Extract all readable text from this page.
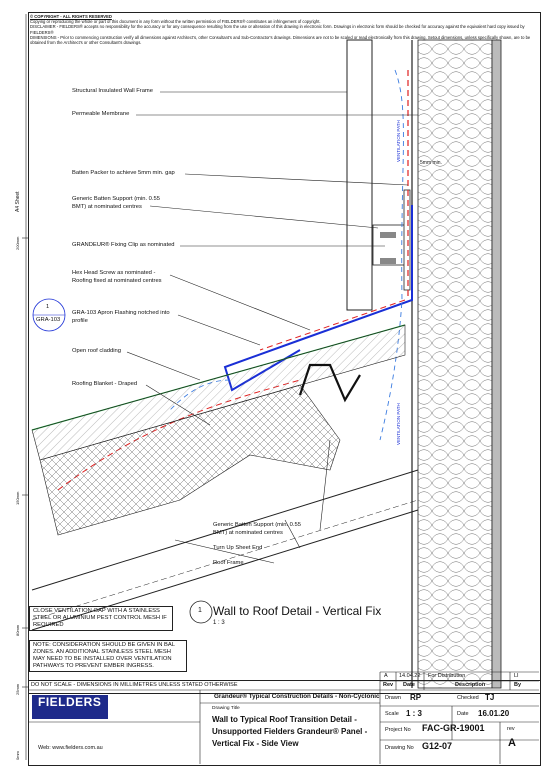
© COPYRIGHT - ALL RIGHTS RESERVED
Copying or reproducing the whole or part of this document in any form without the written permission of FIELDERS® constitutes an infringement of copyright.
DISCLAIMER - FIELDERS® accepts no responsibility for the accuracy or for any consequence resulting from the use or alteration of this drawing in electronic form. Drawings in electronic form should be checked for accuracy against the equivalent hard copy issued by FIELDERS®
DIMENSIONS - Prior to commencing construction verify all dimensions against Architect's, other Consultant's and Sub-Contractor's drawings. Dimensions are not to be scaled or read electronically from this drawing. Setout dimensions, unless specifically shown, are to be obtained from the Architect's or other Consultant's drawings.
A4 Sheet
200mm
150mm
80mm
25mm
0mm
Structural Insulated Wall Frame
Permeable Membrane
Batten Packer to achieve 5mm min. gap
Generic Batten Support (min. 0.55
BMT) at nominated centres
GRANDEUR® Fixing Clip as nominated
Hex Head Screw as nominated -
Roofing fixed at nominated centres
GRA-103 Apron Flashing notched into
profile
Open roof cladding
Roofing Blanket - Draped
Generic Batten Support (min. 0.55
BMT) at nominated centres
Turn Up Sheet End
Roof Frame
5mm min.
VENTILATION PATH
VENTILATION PATH
1
GRA-103
CLOSE VENTILATION GAP WITH A STAINLESS STEEL OR ALUMINIUM PEST CONTROL MESH IF REQUIRED
NOTE: CONSIDERATION SHOULD BE GIVEN IN BAL ZONES. AN ADDITIONAL STAINLESS STEEL MESH MAY NEED TO BE INSTALLED OVER VENTILATION PATHWAYS TO PREVENT EMBER INGRESS.
1 Wall to Roof Detail - Vertical Fix
1 : 3
DO NOT SCALE - DIMENSIONS IN MILLIMETRES UNLESS STATED OTHERWISE
A 14.04.22 For Distribution	LI
Rev Date	Description	By
Grandeur® Typical Construction Details - Non-Cyclonic
FIELDERS	Drawing Title
Wall to Typical Roof Transition Detail -
Unsupported Fielders Grandeur® Panel -
Vertical Fix - Side View
Web: www.fielders.com.au
Drawn RP	Checked TJ
Scale 1 : 3	Date 16.01.20
Project No FAC-GR-19001	rev
Drawing No G12-07	A
